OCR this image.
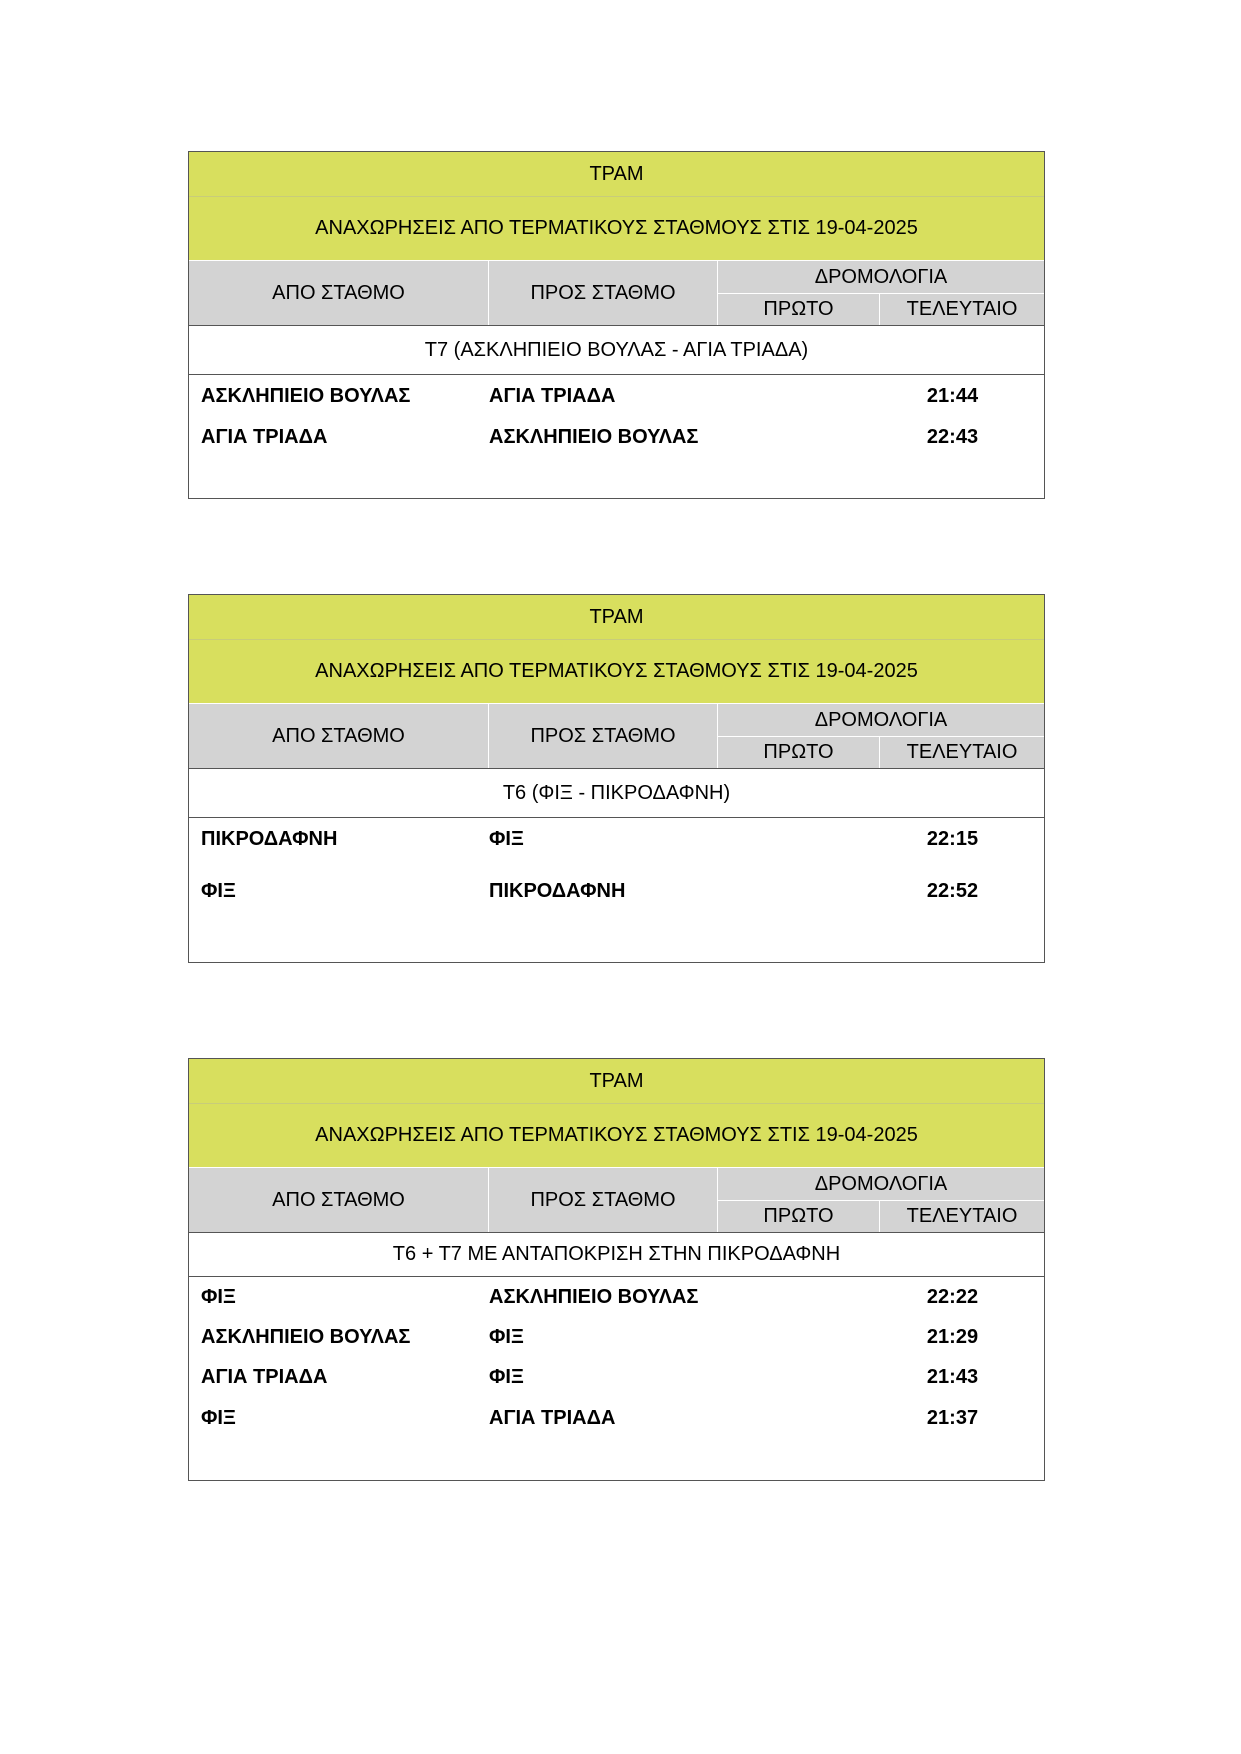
ΤΡΑΜ
ΑΝΑΧΩΡΗΣΕΙΣ ΑΠΟ ΤΕΡΜΑΤΙΚΟΥΣ ΣΤΑΘΜΟΥΣ ΣΤΙΣ 19-04-2025
ΑΠΟ ΣΤΑΘΜΟ	ΠΡΟΣ ΣΤΑΘΜΟ
ΔΡΟΜΟΛΟΓΙΑ
ΠΡΩΤΟ	ΤΕΛΕΥΤΑΙΟ
Τ7 (ΑΣΚΛΗΠΙΕΙΟ ΒΟΥΛΑΣ - ΑΓΙΑ ΤΡΙΑΔΑ)
ΑΣΚΛΗΠΙΕΙΟ ΒΟΥΛΑΣ	ΑΓΙΑ ΤΡΙΑΔΑ	21:44
ΑΓΙΑ ΤΡΙΑΔΑ	ΑΣΚΛΗΠΙΕΙΟ ΒΟΥΛΑΣ	22:43
ΤΡΑΜ
ΑΝΑΧΩΡΗΣΕΙΣ ΑΠΟ ΤΕΡΜΑΤΙΚΟΥΣ ΣΤΑΘΜΟΥΣ ΣΤΙΣ 19-04-2025
ΑΠΟ ΣΤΑΘΜΟ	ΠΡΟΣ ΣΤΑΘΜΟ
ΔΡΟΜΟΛΟΓΙΑ
ΠΡΩΤΟ	ΤΕΛΕΥΤΑΙΟ
Τ6 (ΦΙΞ - ΠΙΚΡΟΔΑΦΝΗ)
ΠΙΚΡΟΔΑΦΝΗ	ΦΙΞ	22:15
ΦΙΞ	ΠΙΚΡΟΔΑΦΝΗ	22:52
ΤΡΑΜ
ΑΝΑΧΩΡΗΣΕΙΣ ΑΠΟ ΤΕΡΜΑΤΙΚΟΥΣ ΣΤΑΘΜΟΥΣ ΣΤΙΣ 19-04-2025
ΑΠΟ ΣΤΑΘΜΟ	ΠΡΟΣ ΣΤΑΘΜΟ
ΔΡΟΜΟΛΟΓΙΑ
ΠΡΩΤΟ	ΤΕΛΕΥΤΑΙΟ
Τ6 + Τ7 ΜΕ ΑΝΤΑΠΟΚΡΙΣΗ ΣΤΗΝ ΠΙΚΡΟΔΑΦΝΗ
ΦΙΞ	ΑΣΚΛΗΠΙΕΙΟ ΒΟΥΛΑΣ	22:22
ΑΣΚΛΗΠΙΕΙΟ ΒΟΥΛΑΣ	ΦΙΞ	21:29
ΑΓΙΑ ΤΡΙΑΔΑ	ΦΙΞ	21:43
ΦΙΞ	ΑΓΙΑ ΤΡΙΑΔΑ	21:37
